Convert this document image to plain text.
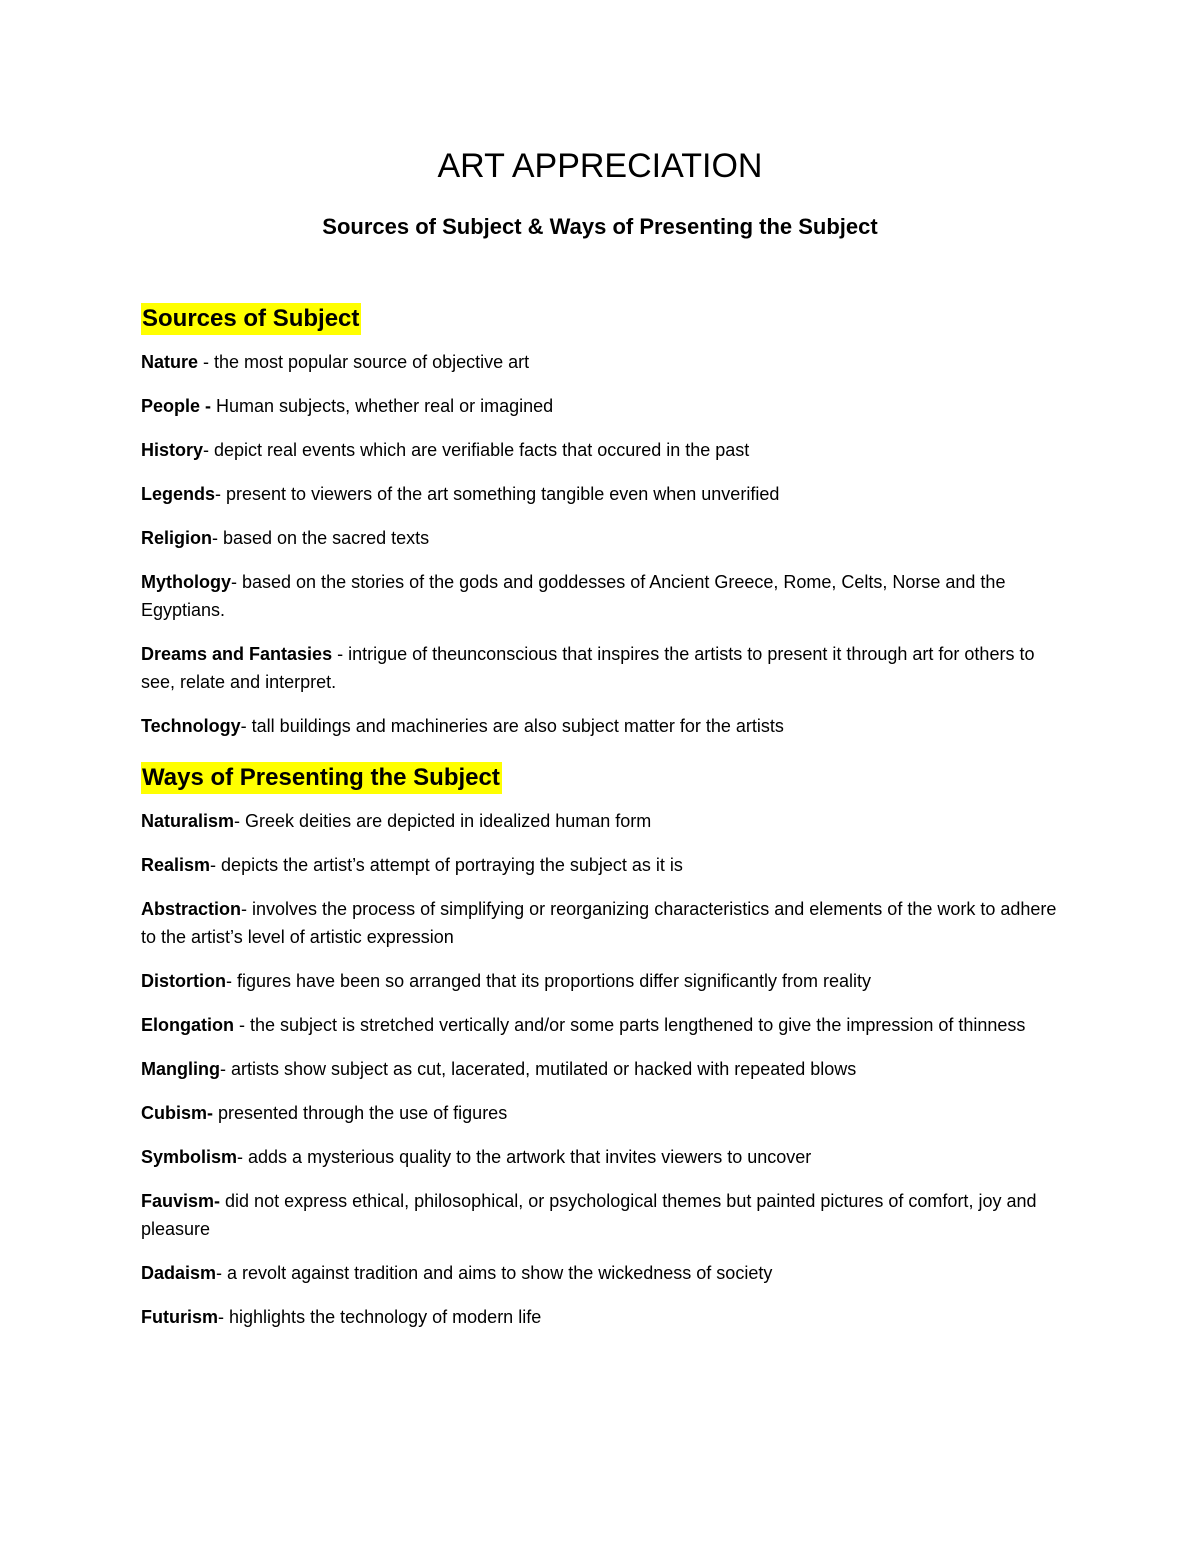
ART APPRECIATION
Sources of Subject & Ways of Presenting the Subject
Sources of Subject

Nature - the most popular source of objective art

People - Human subjects, whether real or imagined

History- depict real events which are verifiable facts that occured in the past

Legends- present to viewers of the art something tangible even when unverified

Religion- based on the sacred texts

Mythology- based on the stories of the gods and goddesses of Ancient Greece, Rome, Celts, Norse and the Egyptians.

Dreams and Fantasies - intrigue of theunconscious that inspires the artists to present it through art for others to see, relate and interpret.

Technology- tall buildings and machineries are also subject matter for the artists

Ways of Presenting the Subject

Naturalism- Greek deities are depicted in idealized human form

Realism- depicts the artist’s attempt of portraying the subject as it is

Abstraction- involves the process of simplifying or reorganizing characteristics and elements of the work to adhere to the artist’s level of artistic expression

Distortion- figures have been so arranged that its proportions differ significantly from reality

Elongation - the subject is stretched vertically and/or some parts lengthened to give the impression of thinness

Mangling- artists show subject as cut, lacerated, mutilated or hacked with repeated blows

Cubism- presented through the use of figures

Symbolism- adds a mysterious quality to the artwork that invites viewers to uncover

Fauvism- did not express ethical, philosophical, or psychological themes but painted pictures of comfort, joy and pleasure

Dadaism- a revolt against tradition and aims to show the wickedness of society

Futurism- highlights the technology of modern life
